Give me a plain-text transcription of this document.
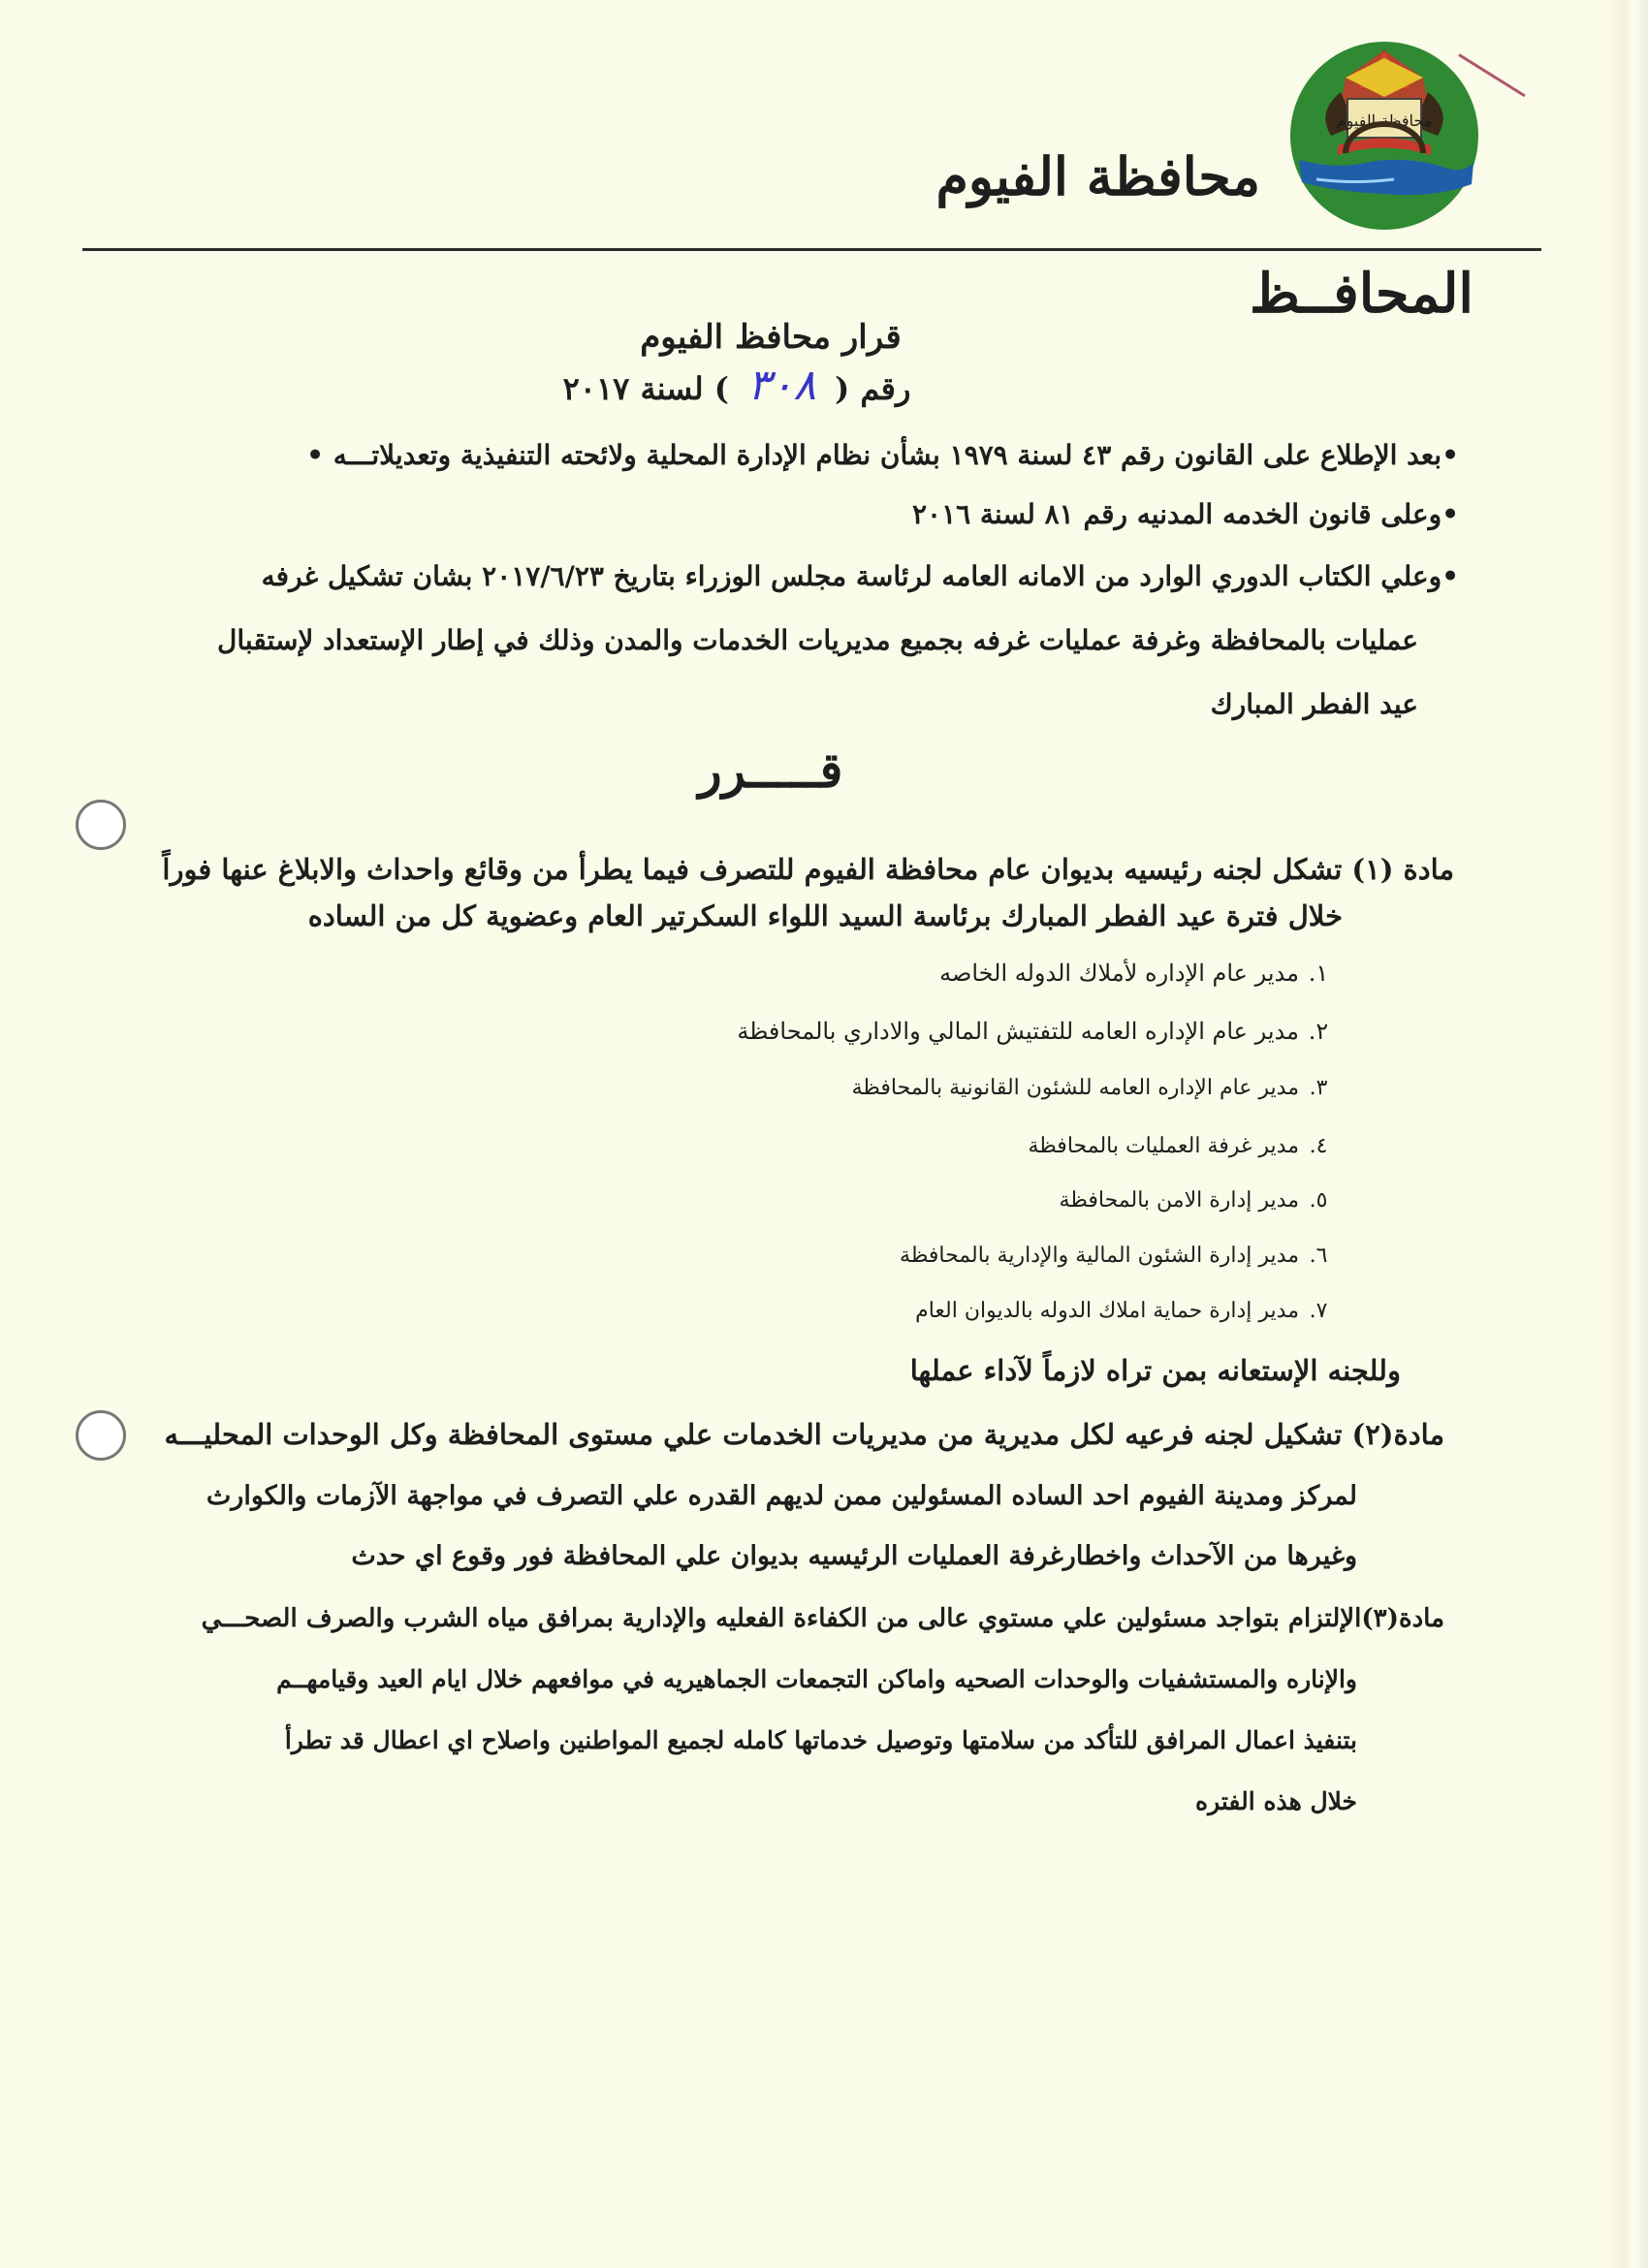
محافظة الفيوم
محافظة الفيوم
المحافــظ
قرار محافظ الفيوم
رقم ( ٣٠٨ ) لسنة ٢٠١٧
•بعد الإطلاع على القانون رقم ٤٣ لسنة ١٩٧٩ بشأن نظام الإدارة المحلية ولائحته التنفيذية وتعديلاتـــه •
•وعلى قانون الخدمه المدنيه رقم ٨١ لسنة ٢٠١٦
•وعلي الكتاب الدوري الوارد من الامانه العامه لرئاسة مجلس الوزراء بتاريخ ٢٠١٧/٦/٢٣ بشان تشكيل غرفه
عمليات بالمحافظة وغرفة عمليات غرفه بجميع مديريات الخدمات والمدن وذلك في إطار الإستعداد لإستقبال
عيد الفطر المبارك
قـــــرر
مادة (١) تشكل لجنه رئيسيه بديوان عام محافظة الفيوم للتصرف فيما يطرأ من وقائع واحداث والابلاغ عنها فوراً
خلال فترة عيد الفطر المبارك برئاسة السيد اللواء السكرتير العام وعضوية كل من الساده
١.مدير عام الإداره لأملاك الدوله الخاصه
٢.مدير عام الإداره العامه للتفتيش المالي والاداري بالمحافظة
٣.مدير عام الإداره العامه للشئون القانونية بالمحافظة
٤.مدير غرفة العمليات بالمحافظة
٥.مدير إدارة الامن بالمحافظة
٦.مدير إدارة الشئون المالية والإدارية بالمحافظة
٧.مدير إدارة حماية املاك الدوله بالديوان العام
وللجنه الإستعانه بمن تراه لازماً لآداء عملها
مادة(٢) تشكيل لجنه فرعيه لكل مديرية من مديريات الخدمات علي مستوى المحافظة وكل الوحدات المحليـــه
لمركز ومدينة الفيوم احد الساده المسئولين ممن لديهم القدره علي التصرف في مواجهة الآزمات والكوارث
وغيرها من الآحداث واخطارغرفة العمليات الرئيسيه بديوان علي المحافظة فور وقوع اي حدث
مادة(٣)الإلتزام بتواجد مسئولين علي مستوي عالى من الكفاءة الفعليه والإدارية بمرافق مياه الشرب والصرف الصحـــي
والإناره والمستشفيات والوحدات الصحيه واماكن التجمعات الجماهيريه في موافعهم خلال ايام العيد وقيامهــم
بتنفيذ اعمال المرافق للتأكد من سلامتها وتوصيل خدماتها كامله لجميع المواطنين واصلاح اي اعطال قد تطرأ
خلال هذه الفتره
